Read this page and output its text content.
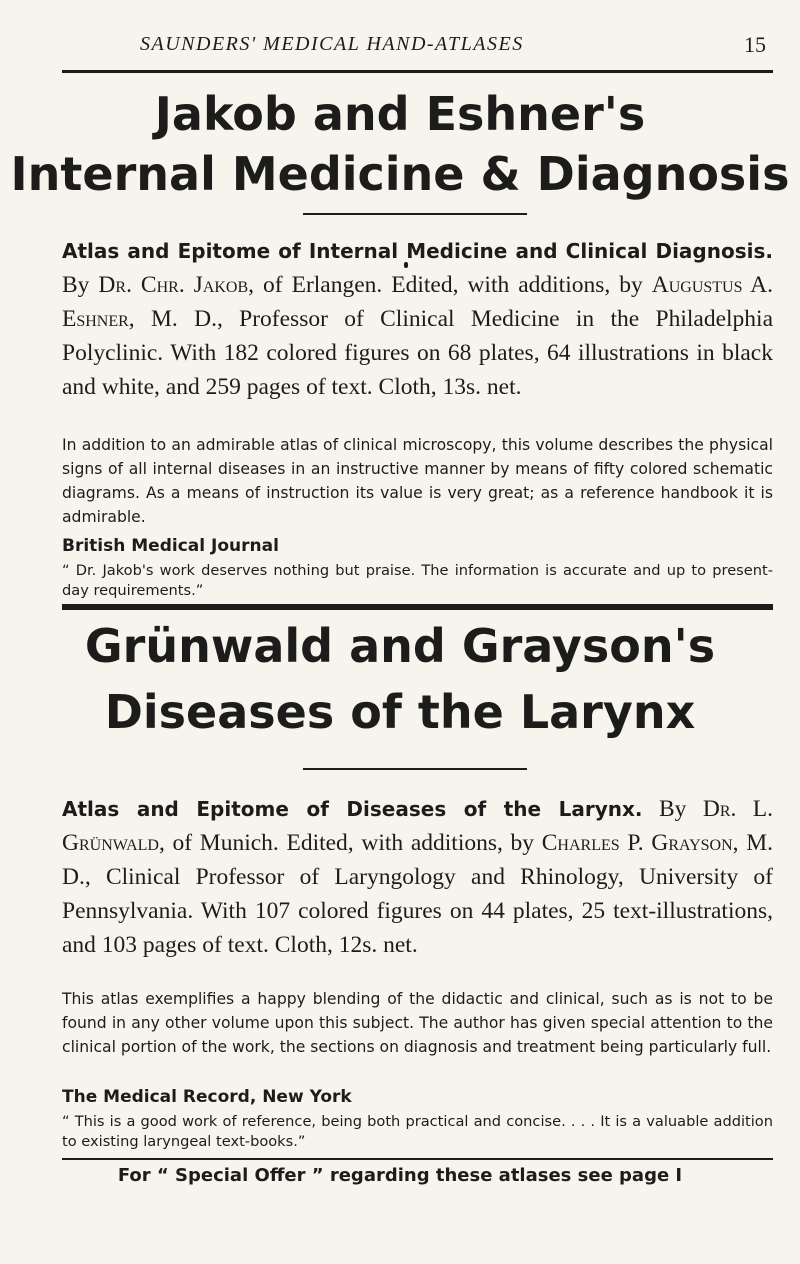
SAUNDERS' MEDICAL HAND-ATLASES	15
Jakob and Eshner's
Internal Medicine & Diagnosis

Atlas and Epitome of Internal Medicine and Clinical Diagnosis. By Dr. Chr. Jakob, of Erlangen. Edited, with additions, by Augustus A. Eshner, M. D., Professor of Clinical Medicine in the Philadelphia Polyclinic. With 182 colored figures on 68 plates, 64 illustrations in black and white, and 259 pages of text. Cloth, 13s. net.

In addition to an admirable atlas of clinical microscopy, this volume describes the physical signs of all internal diseases in an instructive manner by means of fifty colored schematic diagrams. As a means of instruction its value is very great; as a reference handbook it is admirable.

British Medical Journal

“ Dr. Jakob's work deserves nothing but praise. The information is accurate and up to present-day requirements.”

Grünwald and Grayson's
Diseases of the Larynx

Atlas and Epitome of Diseases of the Larynx. By Dr. L. Grünwald, of Munich. Edited, with additions, by Charles P. Grayson, M. D., Clinical Professor of Laryngology and Rhinology, University of Pennsylvania. With 107 colored figures on 44 plates, 25 text-illustrations, and 103 pages of text. Cloth, 12s. net.

This atlas exemplifies a happy blending of the didactic and clinical, such as is not to be found in any other volume upon this subject. The author has given special attention to the clinical portion of the work, the sections on diagnosis and treatment being particularly full.

The Medical Record, New York

“ This is a good work of reference, being both practical and concise. . . . It is a valuable addition to existing laryngeal text-books.”

For “ Special Offer ” regarding these atlases see page I
